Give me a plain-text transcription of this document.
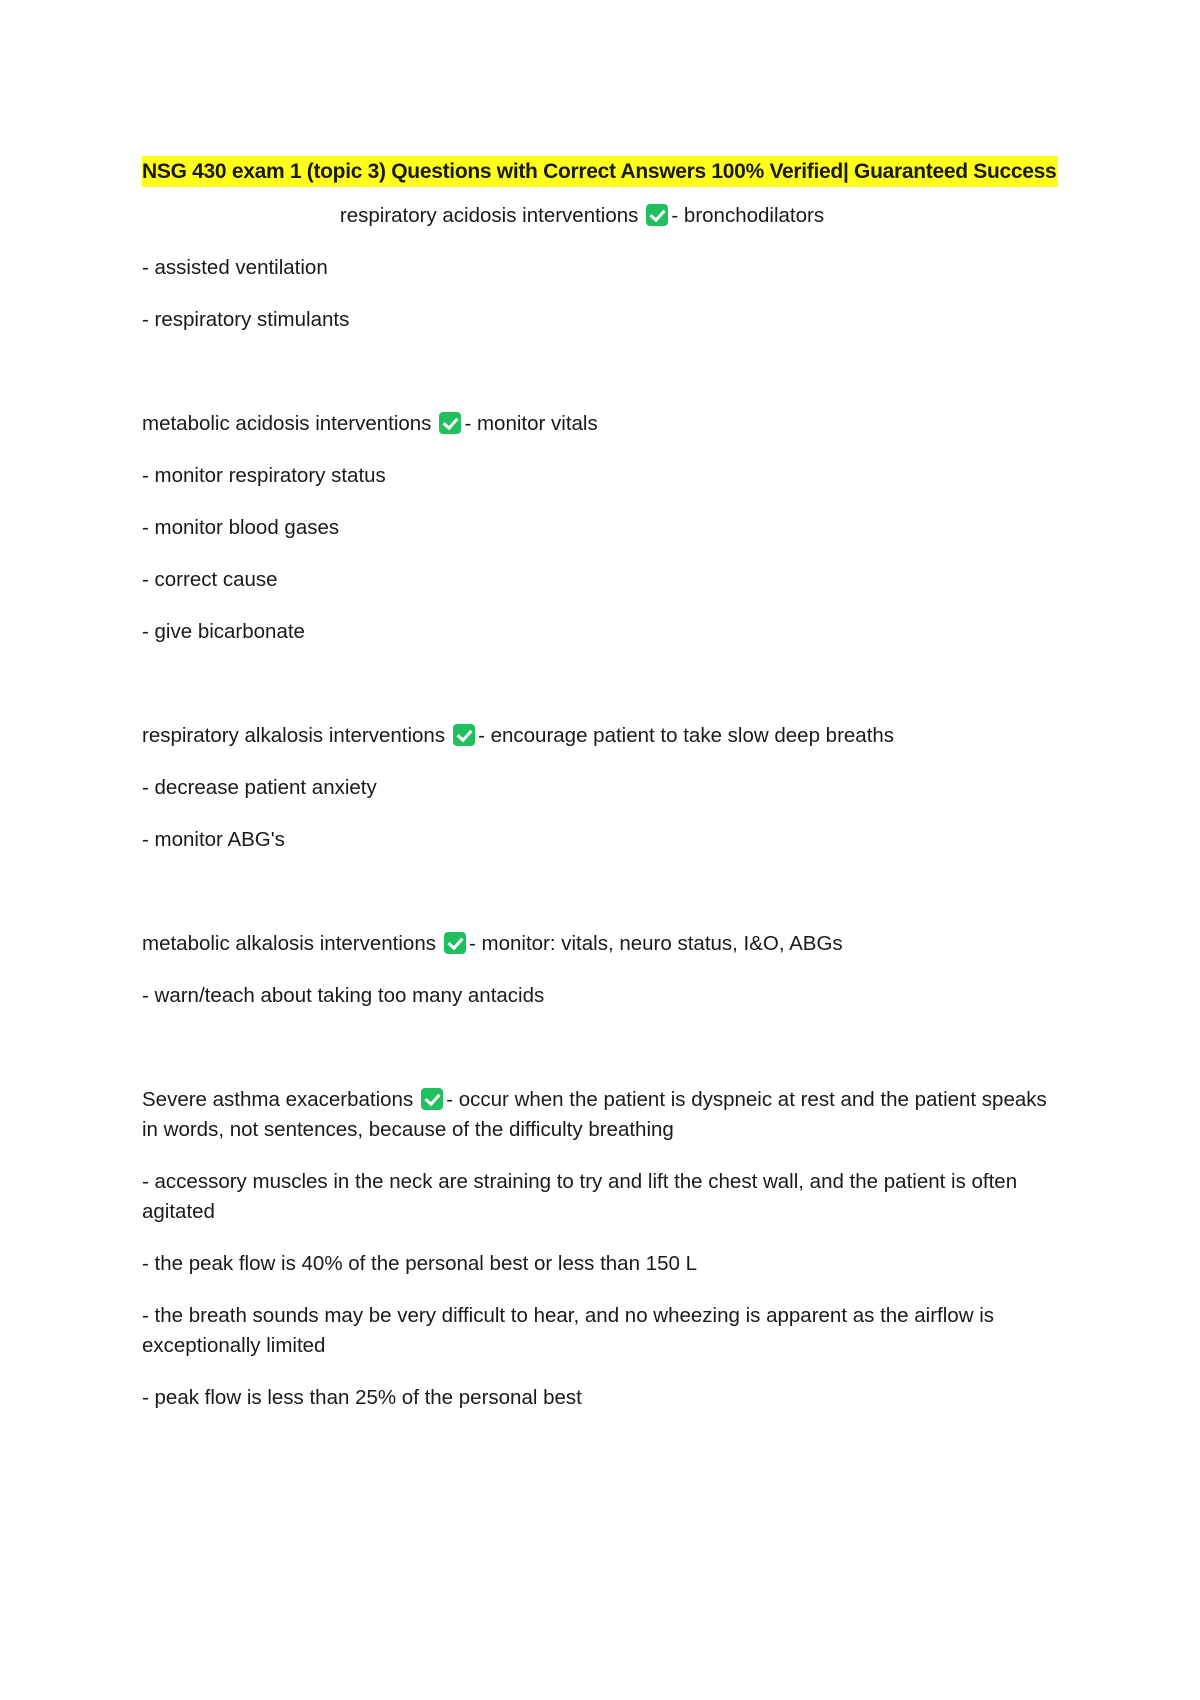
NSG 430 exam 1 (topic 3) Questions with Correct Answers 100% Verified| Guaranteed Success
respiratory acidosis interventions - bronchodilators
- assisted ventilation
- respiratory stimulants
metabolic acidosis interventions - monitor vitals
- monitor respiratory status
- monitor blood gases
- correct cause
- give bicarbonate
respiratory alkalosis interventions - encourage patient to take slow deep breaths
- decrease patient anxiety
- monitor ABG's
metabolic alkalosis interventions - monitor: vitals, neuro status, I&O, ABGs
- warn/teach about taking too many antacids
Severe asthma exacerbations - occur when the patient is dyspneic at rest and the patient speaks in words, not sentences, because of the difficulty breathing
- accessory muscles in the neck are straining to try and lift the chest wall, and the patient is often agitated
- the peak flow is 40% of the personal best or less than 150 L
- the breath sounds may be very difficult to hear, and no wheezing is apparent as the airflow is exceptionally limited
- peak flow is less than 25% of the personal best
